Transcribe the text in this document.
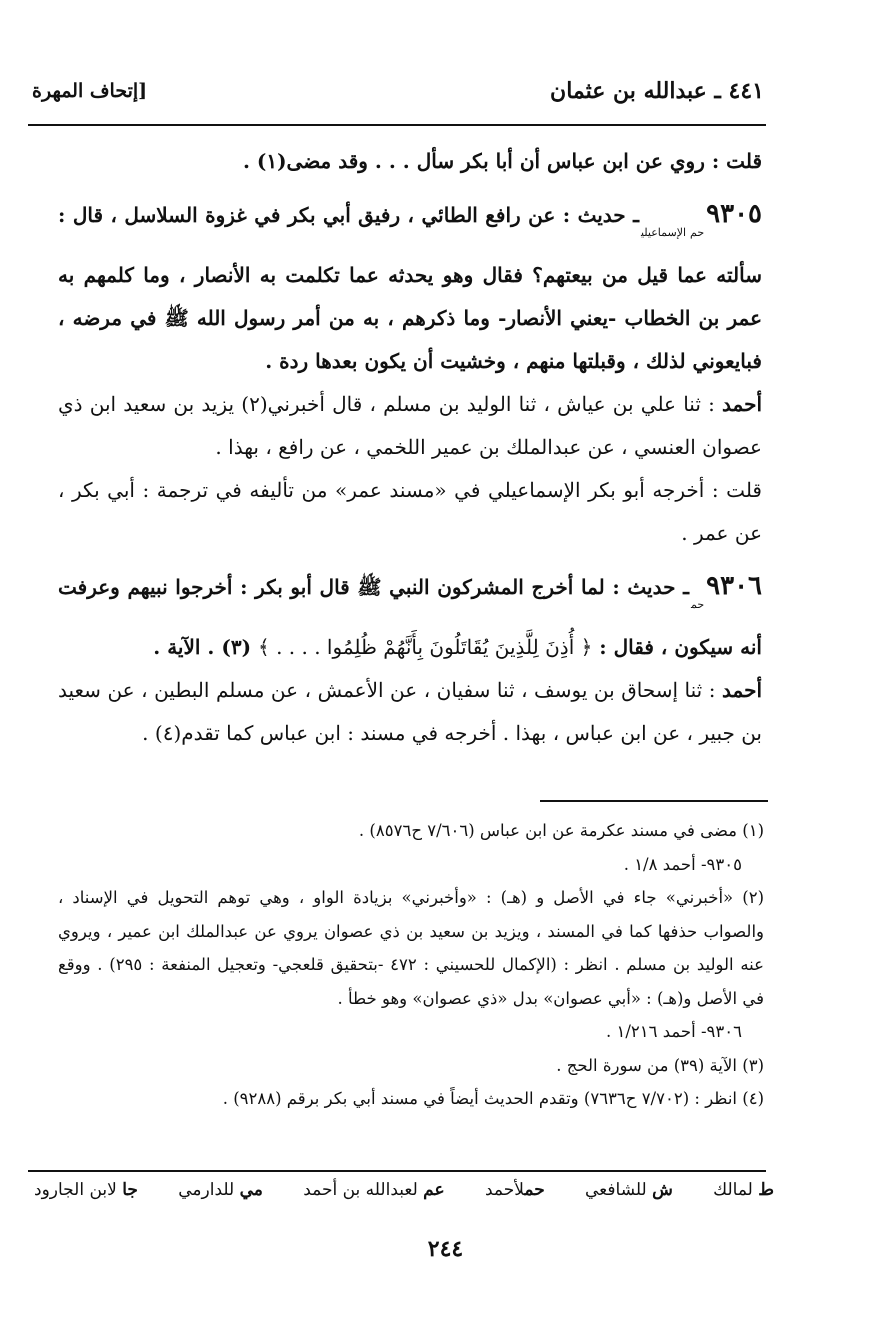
٤٤١ ـ عبدالله بن عثمان
[إتحاف المهرة

قلت : روي عن ابن عباس أن أبا بكر سأل . . . وقد مضى(١) .

$٩٣٠٥_{حم الإسماعيلي}ـ$ حديث : عن رافع الطائي ، رفيق أبي بكر في غزوة السلاسل ، قال : سألته عما قيل من بيعتهم؟ فقال وهو يحدثه عما تكلمت به الأنصار ، وما كلمهم به عمر بن الخطاب -يعني الأنصار- وما ذكرهم ، به من أمر رسول الله ﷺ في مرضه ، فبايعوني لذلك ، وقبلتها منهم ، وخشيت أن يكون بعدها ردة .

أحمد : ثنا علي بن عياش ، ثنا الوليد بن مسلم ، قال أخبرني(٢) يزيد بن سعيد ابن ذي عصوان العنسي ، عن عبدالملك بن عمير اللخمي ، عن رافع ، بهذا .

قلت : أخرجه أبو بكر الإسماعيلي في «مسند عمر» من تأليفه في ترجمة : أبي بكر ، عن عمر .

$٩٣٠٦_{حم}ـ$ حديث : لما أخرج المشركون النبي ﷺ قال أبو بكر : أخرجوا نبيهم وعرفت أنه سيكون ، فقال : ﴿ أُذِنَ لِلَّذِينَ يُقَاتَلُونَ بِأَنَّهُمْ ظُلِمُوا . . . . ﴾ (٣) . الآية .

أحمد : ثنا إسحاق بن يوسف ، ثنا سفيان ، عن الأعمش ، عن مسلم البطين ، عن سعيد بن جبير ، عن ابن عباس ، بهذا . أخرجه في مسند : ابن عباس كما تقدم(٤) .

(١) مضى في مسند عكرمة عن ابن عباس (٧/٦٠٦ ح٨٥٧٦) .

٩٣٠٥- أحمد ١/٨ .

(٢) «أخبرني» جاء في الأصل و (هـ) : «وأخبرني» بزيادة الواو ، وهي توهم التحويل في الإسناد ، والصواب حذفها كما في المسند ، ويزيد بن سعيد بن ذي عصوان يروي عن عبدالملك ابن عمير ، ويروي عنه الوليد بن مسلم . انظر : (الإكمال للحسيني : ٤٧٢ -بتحقيق قلعجي- وتعجيل المنفعة : ٢٩٥) . ووقع في الأصل و(هـ) : «أبي عصوان» بدل «ذي عصوان» وهو خطأ .

٩٣٠٦- أحمد ١/٢١٦ .

(٣) الآية (٣٩) من سورة الحج .

(٤) انظر : (٧/٧٠٢ ح٧٦٣٦) وتقدم الحديث أيضاً في مسند أبي بكر برقم (٩٢٨٨) .

ط لمالك
ش للشافعي
حملأحمد
عم لعبدالله بن أحمد
مي للدارمي
جا لابن الجارود
٢٤٤
